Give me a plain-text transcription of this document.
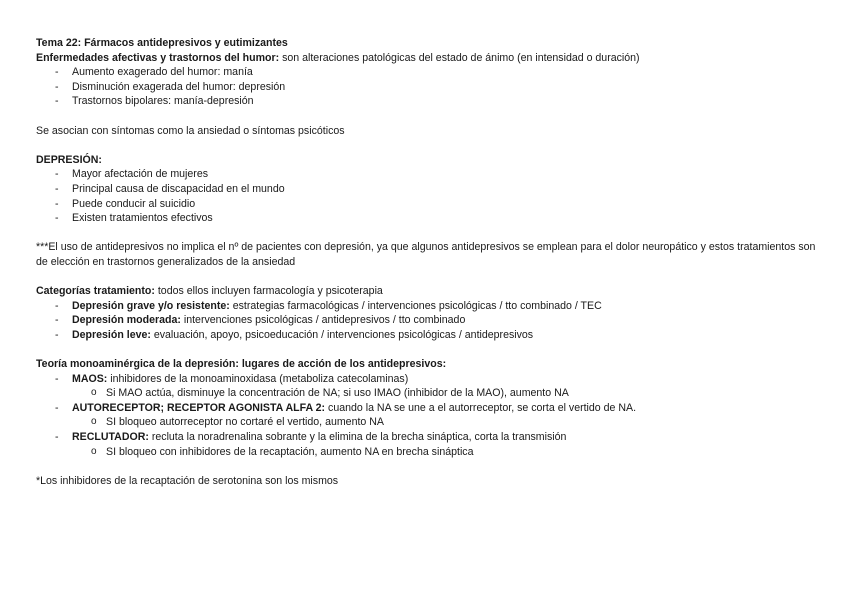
Tema 22: Fármacos antidepresivos y eutimizantes
Enfermedades afectivas y trastornos del humor: son alteraciones patológicas del estado de ánimo (en intensidad o duración)
- Aumento exagerado del humor: manía
- Disminución exagerada del humor: depresión
- Trastornos bipolares: manía-depresión
Se asocian con síntomas como la ansiedad o síntomas psicóticos
DEPRESIÓN:
- Mayor afectación de mujeres
- Principal causa de discapacidad en el mundo
- Puede conducir al suicidio
- Existen tratamientos efectivos
***El uso de antidepresivos no implica el nº de pacientes con depresión, ya que algunos antidepresivos se emplean para el dolor neuropático y estos tratamientos son de elección en trastornos generalizados de la ansiedad
Categorías tratamiento: todos ellos incluyen farmacología y psicoterapia
- Depresión grave y/o resistente: estrategias farmacológicas / intervenciones psicológicas / tto combinado / TEC
- Depresión moderada: intervenciones psicológicas / antidepresivos / tto combinado
- Depresión leve: evaluación, apoyo, psicoeducación / intervenciones psicológicas / antidepresivos
Teoría monoaminérgica de la depresión: lugares de acción de los antidepresivos:
- MAOS: inhibidores de la monoaminoxidasa (metaboliza catecolaminas)
o Si MAO actúa, disminuye la concentración de NA; si uso IMAO (inhibidor de la MAO), aumento NA
- AUTORECEPTOR; RECEPTOR AGONISTA ALFA 2: cuando la NA se une a el autorreceptor, se corta el vertido de NA.
o SI bloqueo autorreceptor no cortaré el vertido, aumento NA
- RECLUTADOR: recluta la noradrenalina sobrante y la elimina de la brecha sináptica, corta la transmisión
o SI bloqueo con inhibidores de la recaptación, aumento NA en brecha sináptica
*Los inhibidores de la recaptación de serotonina son los mismos
